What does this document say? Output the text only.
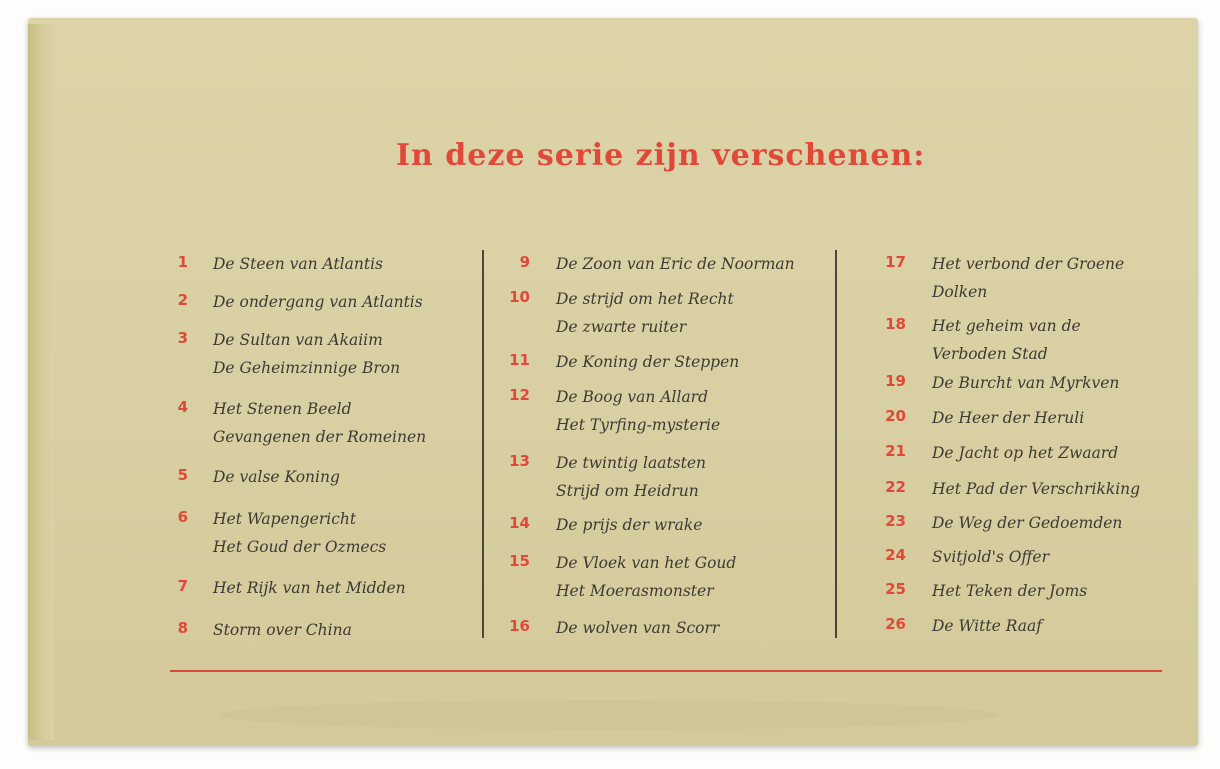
In deze serie zijn verschenen:
1 De Steen van Atlantis
2 De ondergang van Atlantis
3 De Sultan van Akaiim
De Geheimzinnige Bron
4 Het Stenen Beeld
Gevangenen der Romeinen
5 De valse Koning
6 Het Wapengericht
Het Goud der Ozmecs
7 Het Rijk van het Midden
8 Storm over China
9 De Zoon van Eric de Noorman
10 De strijd om het Recht
De zwarte ruiter
11 De Koning der Steppen
12 De Boog van Allard
Het Tyrfing-mysterie
13 De twintig laatsten
Strijd om Heidrun
14 De prijs der wrake
15 De Vloek van het Goud
Het Moerasmonster
16 De wolven van Scorr
17 Het verbond der Groene
Dolken
18 Het geheim van de
Verboden Stad
19 De Burcht van Myrkven
20 De Heer der Heruli
21 De Jacht op het Zwaard
22 Het Pad der Verschrikking
23 De Weg der Gedoemden
24 Svitjold's Offer
25 Het Teken der Joms
26 De Witte Raaf
